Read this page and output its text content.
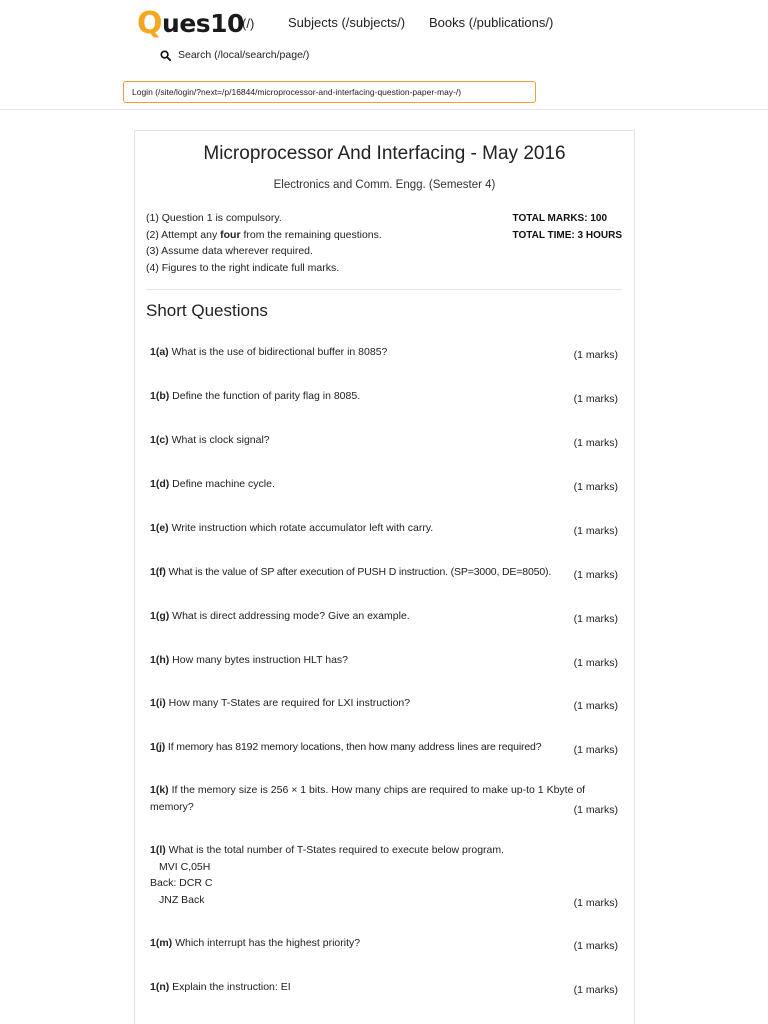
Q ues10
(/)	Subjects (/subjects/) Books (/publications/)
Search (/local/search/page/)
Login (/site/login/?next=/p/16844/microprocessor-and-interfacing-question-paper-may-/)
Microprocessor And Interfacing - May 2016
Electronics and Comm. Engg. (Semester 4)
(1) Question 1 is compulsory.
(2) Attempt any four from the remaining questions.
(3) Assume data wherever required.
(4) Figures to the right indicate full marks.
TOTAL MARKS: 100
TOTAL TIME: 3 HOURS
Short Questions
1(a) What is the use of bidirectional buffer in 8085?	(1 marks)
1(b) Define the function of parity flag in 8085.	(1 marks)
1(c) What is clock signal?	(1 marks)
1(d) Define machine cycle.	(1 marks)
1(e) Write instruction which rotate accumulator left with carry.	(1 marks)
1(f) What is the value of SP after execution of PUSH D instruction. (SP=3000, DE=8050).	(1 marks)
1(g) What is direct addressing mode? Give an example.	(1 marks)
1(h) How many bytes instruction HLT has?	(1 marks)
1(i) How many T-States are required for LXI instruction?	(1 marks)
1(j) If memory has 8192 memory locations, then how many address lines are required?	(1 marks)
1(k) If the memory size is 256 × 1 bits. How many chips are required to make up-to 1 Kbyte of memory?	(1 marks)
1(l) What is the total number of T-States required to execute below program.
MVI C,05H
Back: DCR C
JNZ Back	(1 marks)
1(m) Which interrupt has the highest priority?	(1 marks)
1(n) Explain the instruction: EI	(1 marks)
